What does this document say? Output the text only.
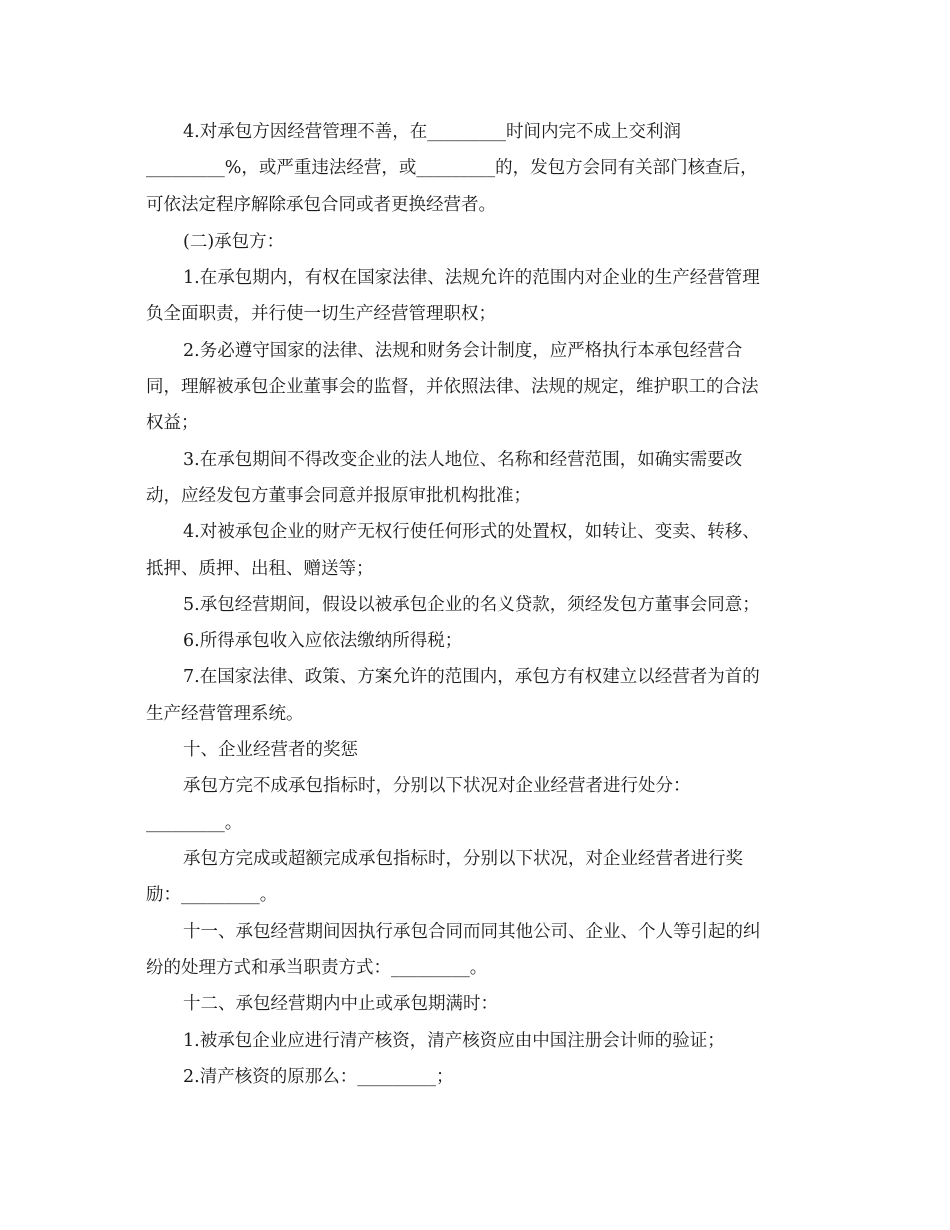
4.对承包方因经营管理不善，在_________时间内完不成上交利润
_________%，或严重违法经营，或_________的，发包方会同有关部门核查后，
可依法定程序解除承包合同或者更换经营者。
(二)承包方：
1.在承包期内，有权在国家法律、法规允许的范围内对企业的生产经营管理
负全面职责，并行使一切生产经营管理职权；
2.务必遵守国家的法律、法规和财务会计制度，应严格执行本承包经营合
同，理解被承包企业董事会的监督，并依照法律、法规的规定，维护职工的合法
权益；
3.在承包期间不得改变企业的法人地位、名称和经营范围，如确实需要改
动，应经发包方董事会同意并报原审批机构批准；
4.对被承包企业的财产无权行使任何形式的处置权，如转让、变卖、转移、
抵押、质押、出租、赠送等；
5.承包经营期间，假设以被承包企业的名义贷款，须经发包方董事会同意；
6.所得承包收入应依法缴纳所得税；
7.在国家法律、政策、方案允许的范围内，承包方有权建立以经营者为首的
生产经营管理系统。
十、企业经营者的奖惩
承包方完不成承包指标时，分别以下状况对企业经营者进行处分：
_________。
承包方完成或超额完成承包指标时，分别以下状况，对企业经营者进行奖
励：_________。
十一、承包经营期间因执行承包合同而同其他公司、企业、个人等引起的纠
纷的处理方式和承当职责方式：_________。
十二、承包经营期内中止或承包期满时：
1.被承包企业应进行清产核资，清产核资应由中国注册会计师的验证；
2.清产核资的原那么：_________；
